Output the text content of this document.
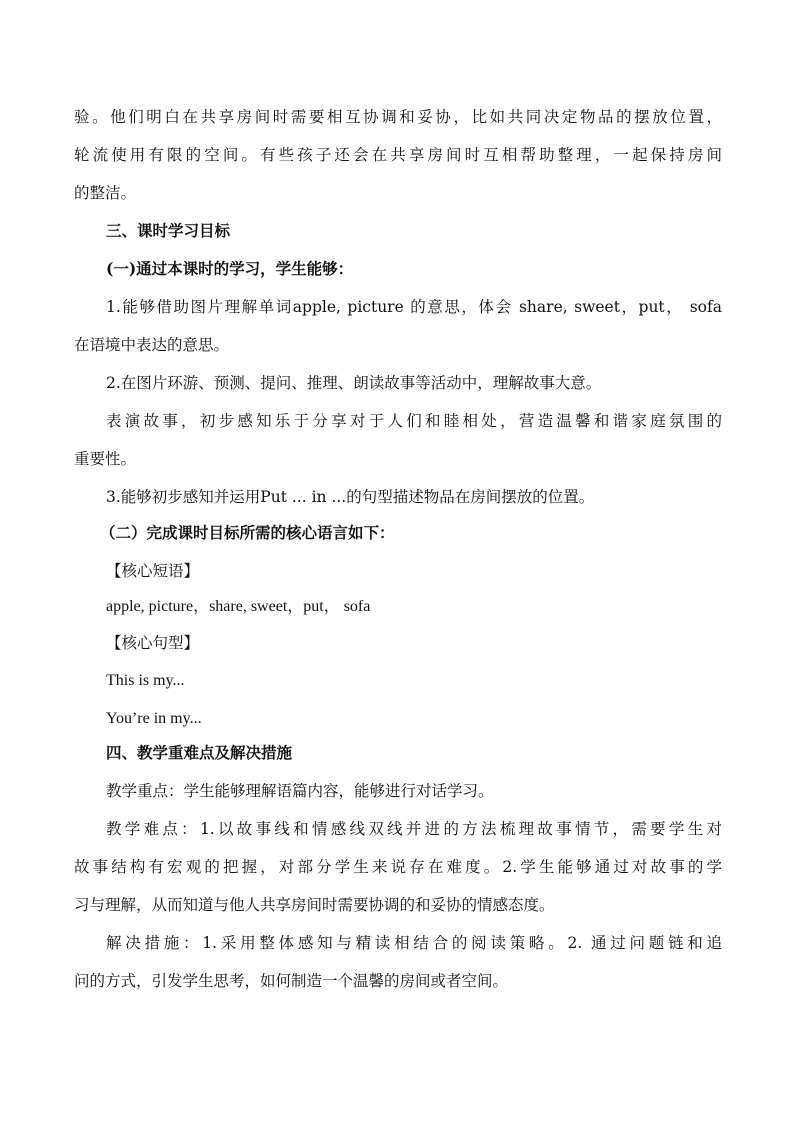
验。他们明白在共享房间时需要相互协调和妥协，比如共同决定物品的摆放位置，
轮流使用有限的空间。有些孩子还会在共享房间时互相帮助整理，一起保持房间
的整洁。
三、课时学习目标
(一)通过本课时的学习，学生能够：
1.能够借助图片理解单词apple, picture 的意思，体会 share, sweet，put， sofa
在语境中表达的意思。
2.在图片环游、预测、提问、推理、朗读故事等活动中，理解故事大意。
表演故事，初步感知乐于分享对于人们和睦相处，营造温馨和谐家庭氛围的
重要性。
3.能够初步感知并运用Put ... in ...的句型描述物品在房间摆放的位置。
（二）完成课时目标所需的核心语言如下：
【核心短语】
apple, picture，share, sweet，put， sofa
【核心句型】
This is my...
You’re in my...
四、教学重难点及解决措施
教学重点：学生能够理解语篇内容，能够进行对话学习。
教学难点：1.以故事线和情感线双线并进的方法梳理故事情节，需要学生对
故事结构有宏观的把握，对部分学生来说存在难度。2.学生能够通过对故事的学
习与理解，从而知道与他人共享房间时需要协调的和妥协的情感态度。
解决措施：1.采用整体感知与精读相结合的阅读策略。2. 通过问题链和追
问的方式，引发学生思考，如何制造一个温馨的房间或者空间。
